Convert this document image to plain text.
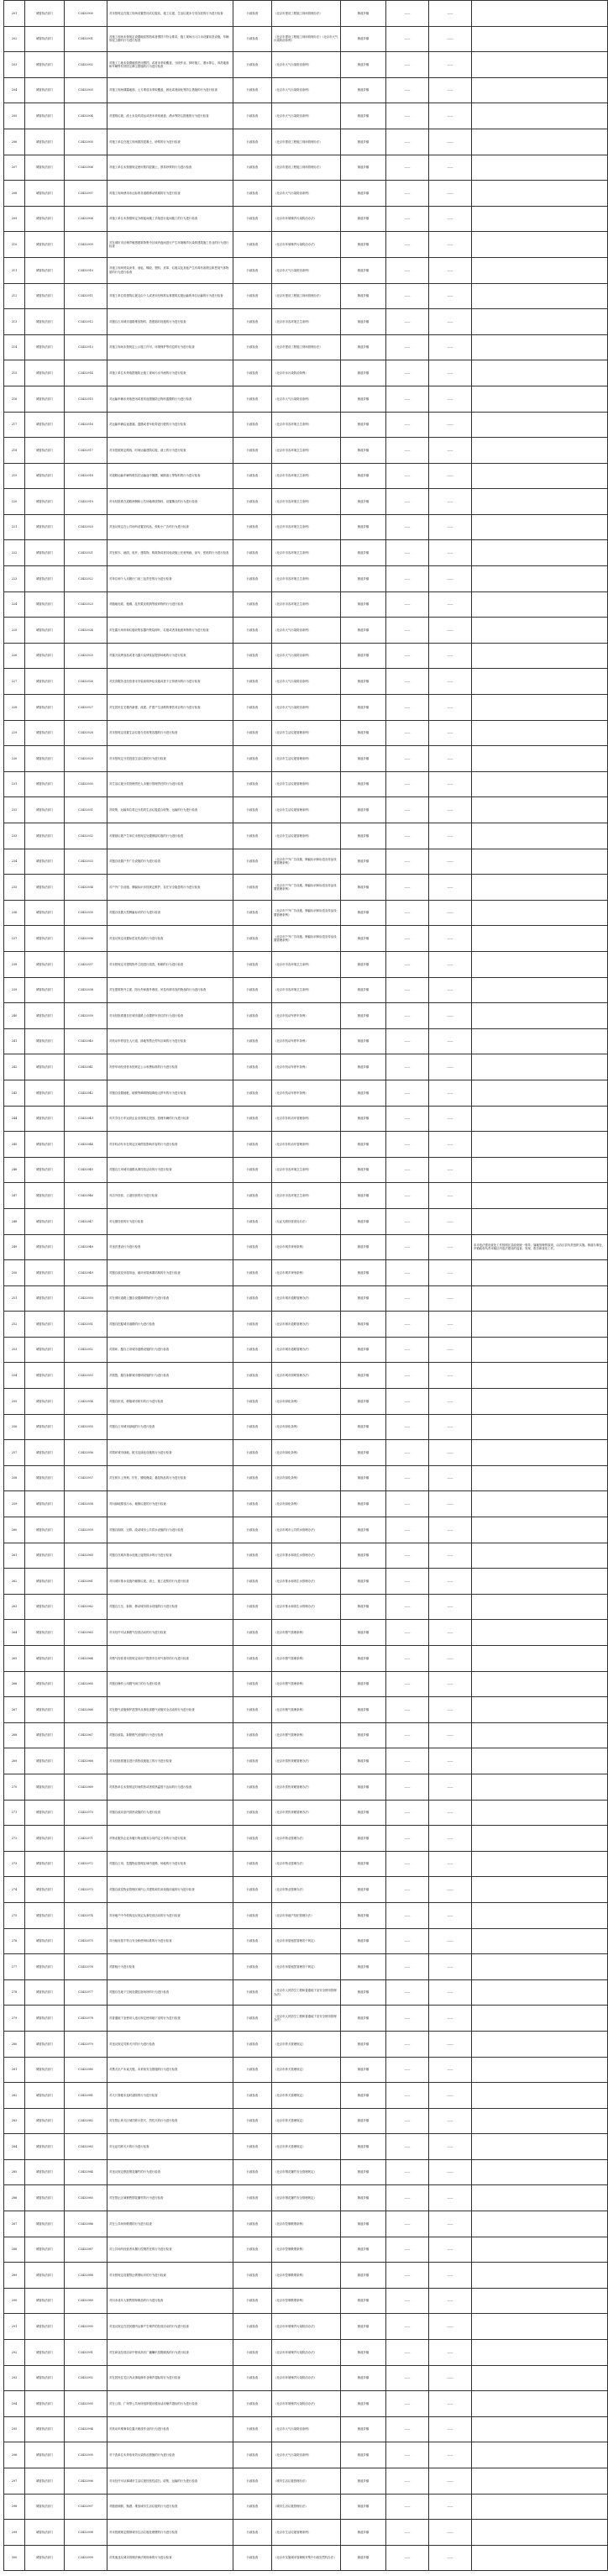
201	城管执法部门	C3432900	对未按规定在施工现场设置密闭式垃圾站、施工垃圾、生活垃圾未分类存放的行为进行检查	行政检查	《北京市建设工程施工现场管理办法》	街道乡镇	——	——	
202	城管执法部门	C3432901	对施工现场未按规定设置硬质围挡或者围挡不符合要求，施工现场出入口未设置冲洗设施，车辆带泥上路的行为进行检查	行政检查	《北京市建设工程施工现场管理办法》《北京市大气污染防治条例》	街道乡镇	——	——	
203	城管执法部门	C3432902	对施工工地未设置硬质密闭围挡，或者未采取覆盖、分段作业、择时施工、洒水抑尘、冲洗地面和车辆等有效防尘降尘措施的行为进行检查	行政检查	《北京市大气污染防治条例》	街道乡镇	——	——	
204	城管执法部门	C3432903	对施工现场裸露地面、土方堆放未采取覆盖、固化或者绿化等防尘措施的行为进行检查	行政检查	《北京市大气污染防治条例》	街道乡镇	——	——	
205	城管执法部门	C3432904	对建筑垃圾、渣土未及时清运或者未采取遮盖、洒水等防尘措施的行为进行检查	行政检查	《北京市大气污染防治条例》	街道乡镇	——	——	
206	城管执法部门	C3432905	对施工单位在施工现场搅拌混凝土、砂浆的行为进行检查	行政检查	《北京市建设工程施工现场管理办法》	街道乡镇	——	——	
207	城管执法部门	C3432906	对施工单位未按照规定使用预拌混凝土、预拌砂浆的行为进行检查	行政检查	《北京市建设工程施工现场管理办法》	街道乡镇	——	——	
208	城管执法部门	C3432907	对施工现场使用未达标的非道路移动机械的行为进行检查	行政检查	《北京市大气污染防治条例》	街道乡镇	——	——	
209	城管执法部门	C3432908	对施工单位未按照规定办理夜间施工手续进行夜间施工的行为进行检查	行政检查	《北京市环境噪声污染防治办法》	街道乡镇	——	——	
210	城管执法部门	C3432909	对在城市市区噪声敏感建筑物集中区域内夜间进行产生环境噪声污染的建筑施工作业的行为进行检查	行政检查	《北京市环境噪声污染防治办法》	街道乡镇	——	——	
211	城管执法部门	C3432910	对施工现场焚烧沥青、油毡、橡胶、塑料、皮革、垃圾以及其他产生有毒有害烟尘和恶臭气体物质的行为进行检查	行政检查	《北京市大气污染防治条例》	街道乡镇	——	——	
212	城管执法部门	C3432911	对施工单位将建筑垃圾交由个人或者未经核准从事建筑垃圾运输的单位运输的行为进行检查	行政检查	《北京市建设工程施工现场管理办法》	街道乡镇	——	——	
213	城管执法部门	C3432912	对擅自占用城市道路堆放物料、搭建临时设施的行为进行检查	行政检查	《北京市市容环境卫生条例》	街道乡镇	——	——	
214	城管执法部门	C3432913	对施工现场未按规定公示施工许可、环境保护等信息的行为进行检查	行政检查	《北京市建设工程施工现场管理办法》	街道乡镇	——	——	
215	城管执法部门	C3432914	对施工单位未采取措施防止施工现场污水外流的行为进行检查	行政检查	《北京市水污染防治条例》	街道乡镇	——	——	
216	城管执法部门	C3432915	对运输车辆未采取密闭或者其他措施防止物料遗撒的行为进行检查	行政检查	《北京市大气污染防治条例》	街道乡镇	——	——	
217	城管执法部门	C3432916	对运输车辆沿途泄漏、遗撒或者车轮带泥行驶的行为进行检查	行政检查	《北京市市容环境卫生条例》	街道乡镇	——	——	
218	城管执法部门	C3432917	对未按照规定路线、时间运输建筑垃圾、渣土的行为进行检查	行政检查	《北京市市容环境卫生条例》	街道乡镇	——	——	
219	城管执法部门	C3432918	对道路运输车辆驾驶员在运输途中抛撒、倾倒渣土等物料的行为进行检查	行政检查	《北京市市容环境卫生条例》	街道乡镇	——	——	
220	城管执法部门	C3432919	对未经批准在道路两侧和公共场地堆放物料、设置摊点的行为进行检查	行政检查	《北京市市容环境卫生条例》	街道乡镇	——	——	
221	城管执法部门	C3432920	对违反规定在公共场所设置宣传品、张贴小广告的行为进行检查	行政检查	《北京市市容环境卫生条例》	街道乡镇	——	——	
222	城管执法部门	C3432921	对在树木、地面、电杆、建筑物、构筑物或者其他设施上任意刻画、涂写、张贴的行为进行检查	行政检查	《北京市市容环境卫生条例》	街道乡镇	——	——	
223	城管执法部门	C3432922	对单位和个人未履行门前三包责任的行为进行检查	行政检查	《北京市市容环境卫生条例》	街道乡镇	——	——	
224	城管执法部门	C3432923	对随地吐痰、便溺、乱扔果皮纸屑等废弃物的行为进行检查	行政检查	《北京市市容环境卫生条例》	街道乡镇	——	——	
225	城管执法部门	C3432924	对在露天场所和垃圾收集容器内焚烧树叶、垃圾或者其他废弃物的行为进行检查	行政检查	《北京市大气污染防治条例》	街道乡镇	——	——	
226	城管执法部门	C3432925	对露天烧烤食品或者为露天烧烤食品提供场地的行为进行检查	行政检查	《北京市大气污染防治条例》	街道乡镇	——	——	
227	城管执法部门	C3432926	对饮食服务业经营者未安装油烟净化设施或者不正常使用的行为进行检查	行政检查	《北京市大气污染防治条例》	街道乡镇	——	——	
228	城管执法部门	C3432927	对在居民住宅楼内新建、改建、扩建产生油烟的餐饮项目的行为进行检查	行政检查	《北京市大气污染防治条例》	街道乡镇	——	——	
229	城管执法部门	C3432928	对未按规定设置生活垃圾分类收集容器的行为进行检查	行政检查	《北京市生活垃圾管理条例》	街道乡镇	——	——	
230	城管执法部门	C3432929	对未按规定分类投放生活垃圾的行为进行检查	行政检查	《北京市生活垃圾管理条例》	街道乡镇	——	——	
231	城管执法部门	C3432930	对生活垃圾分类管理责任人未履行管理责任的行为进行检查	行政检查	《北京市生活垃圾管理条例》	街道乡镇	——	——	
232	城管执法部门	C3432931	对收集、运输单位将已分类的生活垃圾混合收集、运输的行为进行检查	行政检查	《北京市生活垃圾管理条例》	街道乡镇	——	——	
233	城管执法部门	C3432932	对餐厨垃圾产生单位未按规定处置餐厨垃圾的行为进行检查	行政检查	《北京市生活垃圾管理条例》	街道乡镇	——	——	
234	城管执法部门	C3432933	对擅自设置户外广告设施的行为进行检查	行政检查	《北京市户外广告设施、牌匾标识和标语宣传品设置管理条例》	街道乡镇	——	——	
235	城管执法部门	C3432934	对户外广告设施、牌匾标识未按规定维护、存在安全隐患的行为进行检查	行政检查	《北京市户外广告设施、牌匾标识和标语宣传品设置管理条例》	街道乡镇	——	——	
236	城管执法部门	C3432935	对擅自设置大型牌匾标识的行为进行检查	行政检查	《北京市户外广告设施、牌匾标识和标语宣传品设置管理条例》	街道乡镇	——	——	
237	城管执法部门	C3432936	对违反规定设置标语宣传品的行为进行检查	行政检查	《北京市户外广告设施、牌匾标识和标语宣传品设置管理条例》	街道乡镇	——	——	
238	城管执法部门	C3432937	对未按规定对建筑物外立面进行清洗、粉刷的行为进行检查	行政检查	《北京市市容环境卫生条例》	街道乡镇	——	——	
239	城管执法部门	C3432938	对在建筑物外立面、阳台外和窗外堆放、吊挂有碍市容的物品的行为进行检查	行政检查	《北京市市容环境卫生条例》	街道乡镇	——	——	
240	城管执法部门	C3432939	对未经批准擅自在城市道路上设置停车泊位的行为进行检查	行政检查	《北京市机动车停车条例》	街道乡镇	——	——	
241	城管执法部门	C3432940	对机动车停放在人行道、绿地等禁止停车区域的行为进行检查	行政检查	《北京市机动车停车条例》	街道乡镇	——	——	
242	城管执法部门	C3432941	对停车场经营者未按规定公示收费标准的行为进行检查	行政检查	《北京市机动车停车条例》	街道乡镇	——	——	
243	城管执法部门	C3432942	对擅自设置地桩、地锁等障碍物阻碍他人停车的行为进行检查	行政检查	《北京市机动车停车条例》	街道乡镇	——	——	
244	城管执法部门	C3432943	对共享自行车运营企业未按规定投放、管理车辆的行为进行检查	行政检查	《北京市非机动车管理条例》	街道乡镇	——	——	
245	城管执法部门	C3432944	对非机动车未在规定区域停放影响市容的行为进行检查	行政检查	《北京市非机动车管理条例》	街道乡镇	——	——	
246	城管执法部门	C3432945	对擅自占用城市道路从事经营活动的行为进行检查	行政检查	《北京市市容环境卫生条例》	街道乡镇	——	——	
247	城管执法部门	C3432946	对店外经营、占道经营的行为进行检查	行政检查	《北京市市容环境卫生条例》	街道乡镇	——	——	
248	城管执法部门	C3432947	对无照经营的行为进行检查	行政检查	《无证无照经营查处办法》	街道乡镇	——	——	
249	城管执法部门	C3432948	对违法建设行为进行检查	行政检查	《北京市城乡规划条例》	街道乡镇	——	——	本市违法建设查处工作按照区县政府统一领导、属地管理的原则，由各区县负责组织实施。街道办事处、乡镇政府负责本辖区内违法建设的巡查、发现、报告和查处工作。
250	城管执法部门	C3432949	对擅自改变房屋用途、破坏房屋承重结构的行为进行检查	行政检查	《北京市城乡规划条例》	街道乡镇	——	——	
251	城管执法部门	C3432950	对在城市道路上擅自设置障碍物的行为进行检查	行政检查	《北京市城市道路管理办法》	街道乡镇	——	——	
252	城管执法部门	C3432951	对擅自挖掘城市道路的行为进行检查	行政检查	《北京市城市道路管理办法》	街道乡镇	——	——	
253	城管执法部门	C3432952	对损坏、擅自占用城市道路设施的行为进行检查	行政检查	《北京市城市道路管理办法》	街道乡镇	——	——	
254	城管执法部门	C3432953	对损毁、擅自拆除城市照明设施的行为进行检查	行政检查	《北京市城市照明管理办法》	街道乡镇	——	——	
255	城管执法部门	C3432954	对擅自砍伐、移植城市树木的行为进行检查	行政检查	《北京市绿化条例》	街道乡镇	——	——	
256	城管执法部门	C3432955	对擅自占用城市绿地的行为进行检查	行政检查	《北京市绿化条例》	街道乡镇	——	——	
257	城管执法部门	C3432956	对损坏城市绿地、树木及绿化设施的行为进行检查	行政检查	《北京市绿化条例》	街道乡镇	——	——	
258	城管执法部门	C3432957	对在树木上刻划、钉钉、缠绕绳索、悬挂物品的行为进行检查	行政检查	《北京市绿化条例》	街道乡镇	——	——	
259	城管执法部门	C3432958	对向绿地排放污水、倾倒垃圾的行为进行检查	行政检查	《北京市绿化条例》	街道乡镇	——	——	
260	城管执法部门	C3432959	对擅自拆除、迁移、改动城市公共供水设施的行为进行检查	行政检查	《北京市城市公共供水管理办法》	街道乡镇	——	——	
261	城管执法部门	C3432960	对擅自在城市排水设施上接管排水的行为进行检查	行政检查	《北京市排水和再生水管理办法》	街道乡镇	——	——	
262	城管执法部门	C3432961	对向城市排水设施内倾倒垃圾、渣土、施工泥浆的行为进行检查	行政检查	《北京市排水和再生水管理办法》	街道乡镇	——	——	
263	城管执法部门	C3432962	对擅自占压、拆卸、移动城市排水设施的行为进行检查	行政检查	《北京市排水和再生水管理办法》	街道乡镇	——	——	
264	城管执法部门	C3432963	对未经许可从事燃气经营活动的行为进行检查	行政检查	《北京市燃气管理条例》	街道乡镇	——	——	
265	城管执法部门	C3432964	对燃气经营者未按规定向用户提供安全用气指导的行为进行检查	行政检查	《北京市燃气管理条例》	街道乡镇	——	——	
266	城管执法部门	C3432965	对擅自操作公用燃气阀门的行为进行检查	行政检查	《北京市燃气管理条例》	街道乡镇	——	——	
267	城管执法部门	C3432966	对在燃气设施保护范围内从事危害燃气设施安全活动的行为进行检查	行政检查	《北京市燃气管理条例》	街道乡镇	——	——	
268	城管执法部门	C3432967	对擅自改装、拆除燃气设施的行为进行检查	行政检查	《北京市燃气管理条例》	街道乡镇	——	——	
269	城管执法部门	C3432968	对未经批准擅自进行供热设施施工的行为进行检查	行政检查	《北京市供热采暖管理办法》	街道乡镇	——	——	
270	城管执法部门	C3432969	对供热单位未按规定时间供热或者供热温度不达标的行为进行检查	行政检查	《北京市供热采暖管理办法》	街道乡镇	——	——	
271	城管执法部门	C3432970	对擅自改动室内供热设施的行为进行检查	行政检查	《北京市供热采暖管理办法》	街道乡镇	——	——	
272	城管执法部门	C3432971	对物业服务企业未履行物业服务合同约定义务的行为进行检查	行政检查	《北京市物业管理办法》	街道乡镇	——	——	
273	城管执法部门	C3432972	对擅自占用、挖掘物业管理区域内道路、场地的行为进行检查	行政检查	《北京市物业管理办法》	街道乡镇	——	——	
274	城管执法部门	C3432973	对擅自改变物业管理区域内公共建筑和共用设施用途的行为进行检查	行政检查	《北京市物业管理办法》	街道乡镇	——	——	
275	城管执法部门	C3432974	对房地产中介机构违反规定从事经营活动的行为进行检查	行政检查	《北京市房地产经纪管理办法》	街道乡镇	——	——	
276	城管执法部门	C3432975	对出租房屋不符合安全和使用标准的行为进行检查	行政检查	《北京市房屋租赁管理若干规定》	街道乡镇	——	——	
277	城管执法部门	C3432976	对群租行为进行检查	行政检查	《北京市房屋租赁管理若干规定》	街道乡镇	——	——	
278	城管执法部门	C3432977	对擅自在地下空间设置住宿场所的行为进行检查	行政检查	《北京市人民防空工程和普通地下室安全使用管理办法》	街道乡镇	——	——	
279	城管执法部门	C3432978	对普通地下室使用人违反规定使用地下室的行为进行检查	行政检查	《北京市人民防空工程和普通地下室安全使用管理办法》	街道乡镇	——	——	
280	城管执法部门	C3432979	对违反规定饲养犬只的行为进行检查	行政检查	《北京市养犬管理规定》	街道乡镇	——	——	
281	城管执法部门	C3432980	对携犬出户未束犬链、未采取安全措施的行为进行检查	行政检查	《北京市养犬管理规定》	街道乡镇	——	——	
282	城管执法部门	C3432981	对犬只粪便未及时清除的行为进行检查	行政检查	《北京市养犬管理规定》	街道乡镇	——	——	
283	城管执法部门	C3432982	对在禁止养犬区域饲养大型犬、烈性犬的行为进行检查	行政检查	《北京市养犬管理规定》	街道乡镇	——	——	
284	城管执法部门	C3432983	对无证饲养犬只的行为进行检查	行政检查	《北京市养犬管理规定》	街道乡镇	——	——	
285	城管执法部门	C3432984	对违反规定燃放烟花爆竹的行为进行检查	行政检查	《北京市烟花爆竹安全管理规定》	街道乡镇	——	——	
286	城管执法部门	C3432985	对在禁止区域销售烟花爆竹的行为进行检查	行政检查	《北京市烟花爆竹安全管理规定》	街道乡镇	——	——	
287	城管执法部门	C3432986	对在公共场所吸烟的行为进行检查	行政检查	《北京市控制吸烟条例》	街道乡镇	——	——	
288	城管执法部门	C3432987	对公共场所经营者未履行控烟责任的行为进行检查	行政检查	《北京市控制吸烟条例》	街道乡镇	——	——	
289	城管执法部门	C3432988	对未按规定设置禁止吸烟标识的行为进行检查	行政检查	《北京市控制吸烟条例》	街道乡镇	——	——	
290	城管执法部门	C3432989	对向未成年人销售烟草制品的行为进行检查	行政检查	《北京市控制吸烟条例》	街道乡镇	——	——	
291	城管执法部门	C3432990	对违反规定在居民楼内从事产生噪声的经营活动的行为进行检查	行政检查	《北京市环境噪声污染防治办法》	街道乡镇	——	——	
292	城管执法部门	C3432991	对在商业经营活动中使用高音广播喇叭招揽顾客的行为进行检查	行政检查	《北京市环境噪声污染防治办法》	街道乡镇	——	——	
293	城管执法部门	C3432992	对在居民住宅区内从事装修作业噪声超标的行为进行检查	行政检查	《北京市环境噪声污染防治办法》	街道乡镇	——	——	
294	城管执法部门	C3432993	对在公园、广场等公共场所组织娱乐健身活动噪声超标的行为进行检查	行政检查	《北京市环境噪声污染防治办法》	街道乡镇	——	——	
295	城管执法部门	C3432994	对机动车维修单位露天喷漆作业的行为进行检查	行政检查	《北京市大气污染防治条例》	街道乡镇	——	——	
296	城管执法部门	C3432995	对干洗单位未采取有效污染防治措施的行为进行检查	行政检查	《北京市大气污染防治条例》	街道乡镇	——	——	
297	城管执法部门	C3432996	对未经许可从事城市生活垃圾经营性清扫、收集、运输的行为进行检查	行政检查	《城市生活垃圾管理办法》	街道乡镇	——	——	
298	城管执法部门	C3432997	对随意倾倒、抛洒、堆放城市生活垃圾的行为进行检查	行政检查	《城市生活垃圾管理办法》	街道乡镇	——	——	
299	城管执法部门	C3432998	对未按照规定缴纳城市生活垃圾处理费的行为进行检查	行政检查	《北京市生活垃圾管理条例》	街道乡镇	——	——	
300	城管执法部门	C3432999	对其他违反城市管理法律法规规章的行为进行检查	行政检查	《北京市实施城市管理相对集中行政处罚权办法》	街道乡镇	——	——	
